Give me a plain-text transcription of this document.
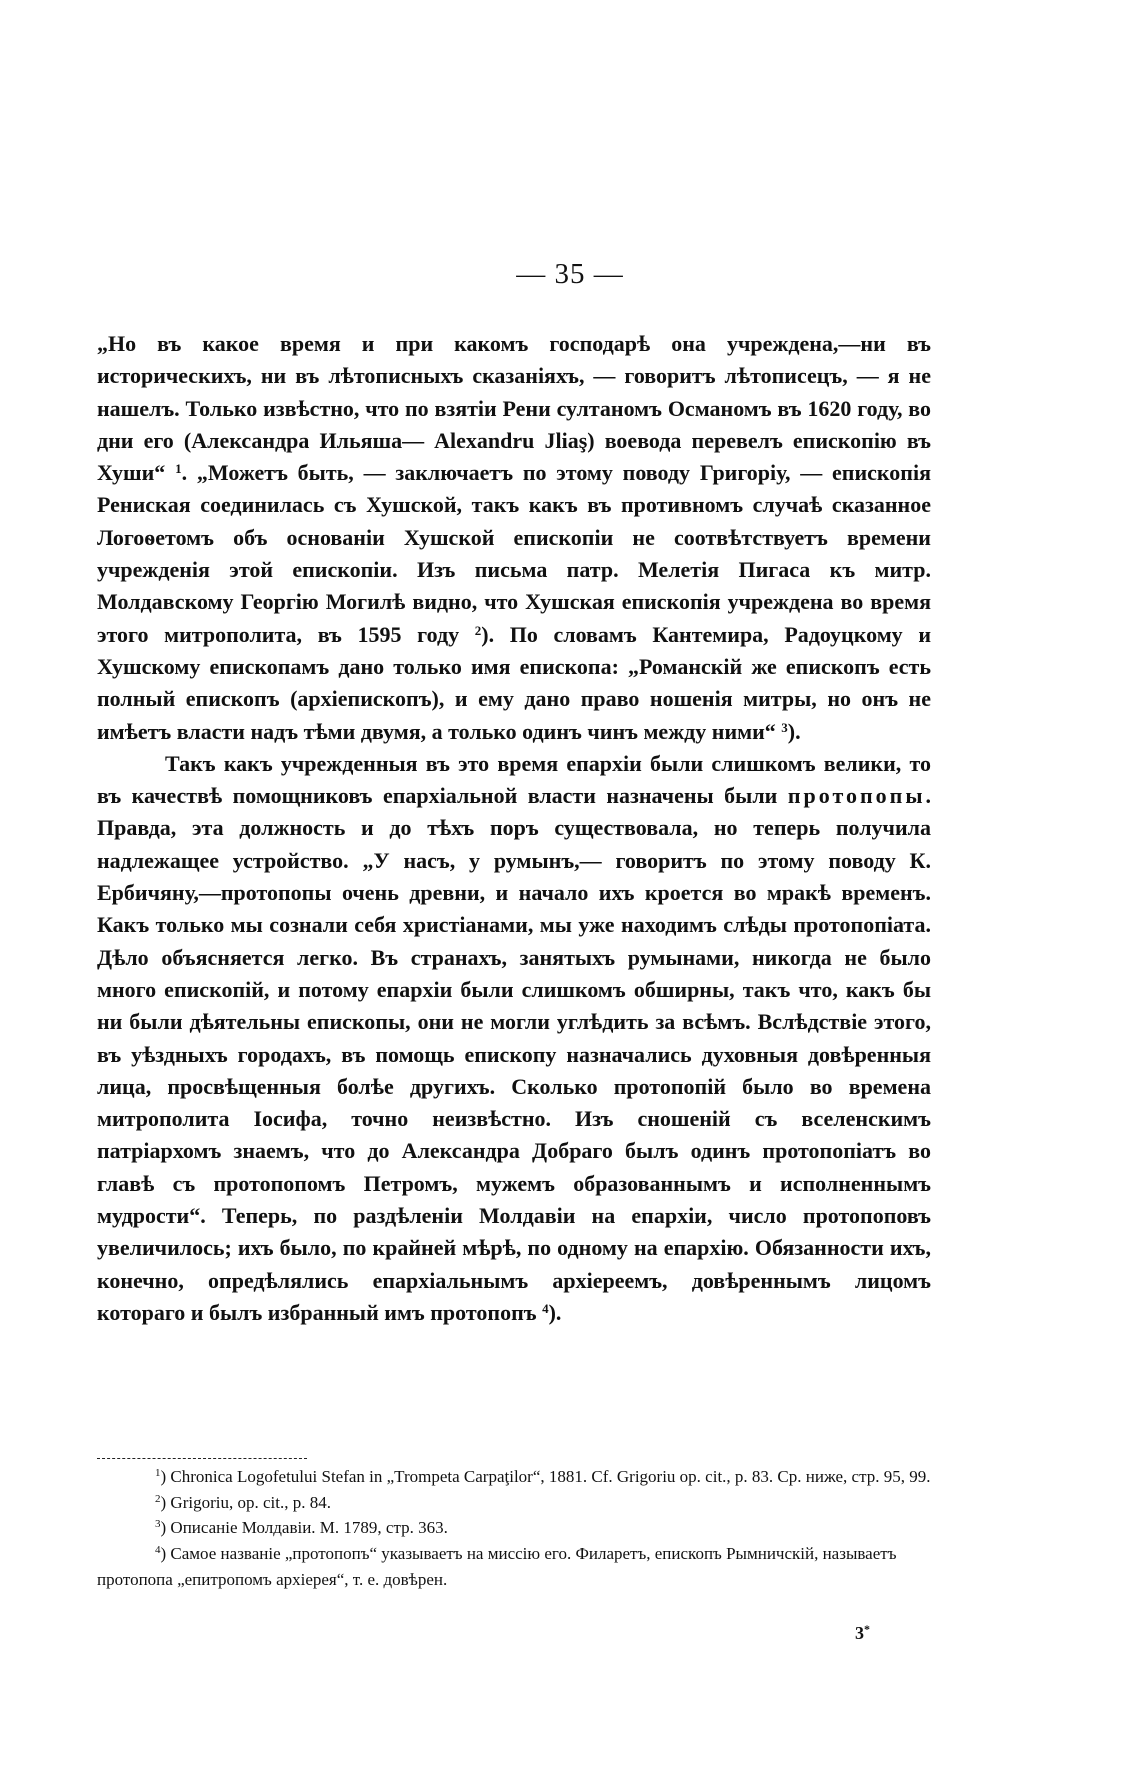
— 35 —

„Но въ какое время и при какомъ господарѣ она учреждена,—ни въ историческихъ, ни въ лѣтописныхъ сказаніяхъ, — говоритъ лѣтописецъ, — я не нашелъ. Только извѣстно, что по взятіи Рени султаномъ Османомъ въ 1620 году, во дни его (Александра Ильяша— Alexandru Jliaş) воевода перевелъ епископію въ Хуши“ $^1$. „Можетъ быть, — заключаетъ по этому поводу Григоріу, — епископія Ренискaя соединилась съ Хушской, такъ какъ въ противномъ случаѣ сказанное Логоѳетомъ объ основаніи Хушской епископіи не соотвѣтствуетъ времени учрежденія этой епископіи. Изъ письма патр. Мелетія Пигаса къ митр. Молдавскому Георгію Могилѣ видно, что Хушская епископія учреждена во время этого митрополита, въ 1595 году $^2$). По словамъ Кантемира, Радоуцкому и Хушскому епископамъ дано только имя епископа: „Романскій же епископъ есть полный епископъ (архіепископъ), и ему дано право ношенія митры, но онъ не имѣетъ власти надъ тѣми двумя, а только одинъ чинъ между ними“ $^3$).

Такъ какъ учрежденныя въ это время епархіи были слишкомъ велики, то въ качествѣ помощниковъ епархіальной власти назначены были протопопы. Правда, эта должность и до тѣхъ поръ существовала, но теперь получила надлежащее устройство. „У насъ, у румынъ,— говоритъ по этому поводу К. Ербичяну,—протопопы очень древни, и начало ихъ кроется во мракѣ временъ. Какъ только мы сознали себя христіанами, мы уже находимъ слѣды протопопіата. Дѣло объясняется легко. Въ странахъ, занятыхъ румынами, никогда не было много епископій, и потому епархіи были слишкомъ обширны, такъ что, какъ бы ни были дѣятельны епископы, они не могли углѣдить за всѣмъ. Вслѣдствіе этого, въ уѣздныхъ городахъ, въ помощь епископу назначались духовныя довѣренныя лица, просвѣщенныя болѣе другихъ. Сколько протопопій было во времена митрополита Іосифа, точно неизвѣстно. Изъ сношеній съ вселенскимъ патріархомъ знаемъ, что до Александра Добраго былъ одинъ протопопіатъ во главѣ съ протопопомъ Петромъ, мужемъ образованнымъ и исполненнымъ мудрости“. Теперь, по раздѣленіи Молдавіи на епархіи, число протопоповъ увеличилось; ихъ было, по крайней мѣрѣ, по одному на епархію. Обязанности ихъ, конечно, опредѣлялись епархіальнымъ архіереемъ, довѣреннымъ лицомъ котораго и былъ избранный имъ протопопъ $^4$).

$^1$) Chronica Logofetului Stefan in „Trompeta Carpaţilor“, 1881. Cf. Grigoriu op. cit., p. 83. Ср. ниже, стр. 95, 99.

$^2$) Grigoriu, op. cit., p. 84.

$^3$) Описаніе Молдавіи. М. 1789, стр. 363.

$^4$) Самое названіе „протопопъ“ указываетъ на миссію его. Филаретъ, епископъ Рымничскій, называетъ протопопа „епитропомъ архіерея“, т. е. довѣрен.

3*
